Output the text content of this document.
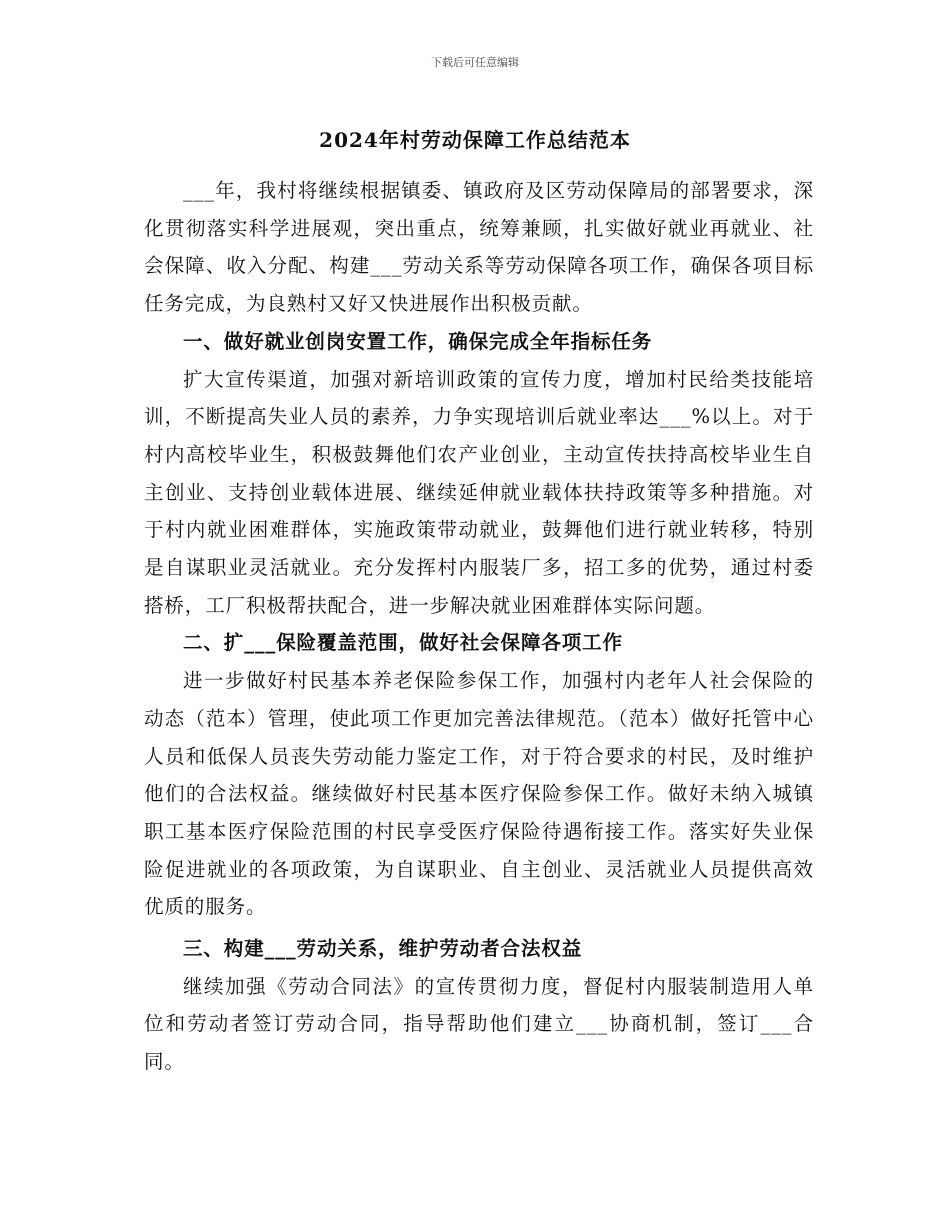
下载后可任意编辑
2024年村劳动保障工作总结范本

___年，我村将继续根据镇委、镇政府及区劳动保障局的部署要求，深化贯彻落实科学进展观，突出重点，统筹兼顾，扎实做好就业再就业、社会保障、收入分配、构建___劳动关系等劳动保障各项工作，确保各项目标任务完成，为良熟村又好又快进展作出积极贡献。

一、做好就业创岗安置工作，确保完成全年指标任务

扩大宣传渠道，加强对新培训政策的宣传力度，增加村民给类技能培训，不断提高失业人员的素养，力争实现培训后就业率达___%以上。对于村内高校毕业生，积极鼓舞他们农产业创业，主动宣传扶持高校毕业生自主创业、支持创业载体进展、继续延伸就业载体扶持政策等多种措施。对于村内就业困难群体，实施政策带动就业，鼓舞他们进行就业转移，特别是自谋职业灵活就业。充分发挥村内服装厂多，招工多的优势，通过村委搭桥，工厂积极帮扶配合，进一步解决就业困难群体实际问题。

二、扩___保险覆盖范围，做好社会保障各项工作

进一步做好村民基本养老保险参保工作，加强村内老年人社会保险的动态（范本）管理，使此项工作更加完善法律规范。（范本）做好托管中心人员和低保人员丧失劳动能力鉴定工作，对于符合要求的村民，及时维护他们的合法权益。继续做好村民基本医疗保险参保工作。做好未纳入城镇职工基本医疗保险范围的村民享受医疗保险待遇衔接工作。落实好失业保险促进就业的各项政策，为自谋职业、自主创业、灵活就业人员提供高效优质的服务。

三、构建___劳动关系，维护劳动者合法权益

继续加强《劳动合同法》的宣传贯彻力度，督促村内服装制造用人单位和劳动者签订劳动合同，指导帮助他们建立___协商机制，签订___合同。
